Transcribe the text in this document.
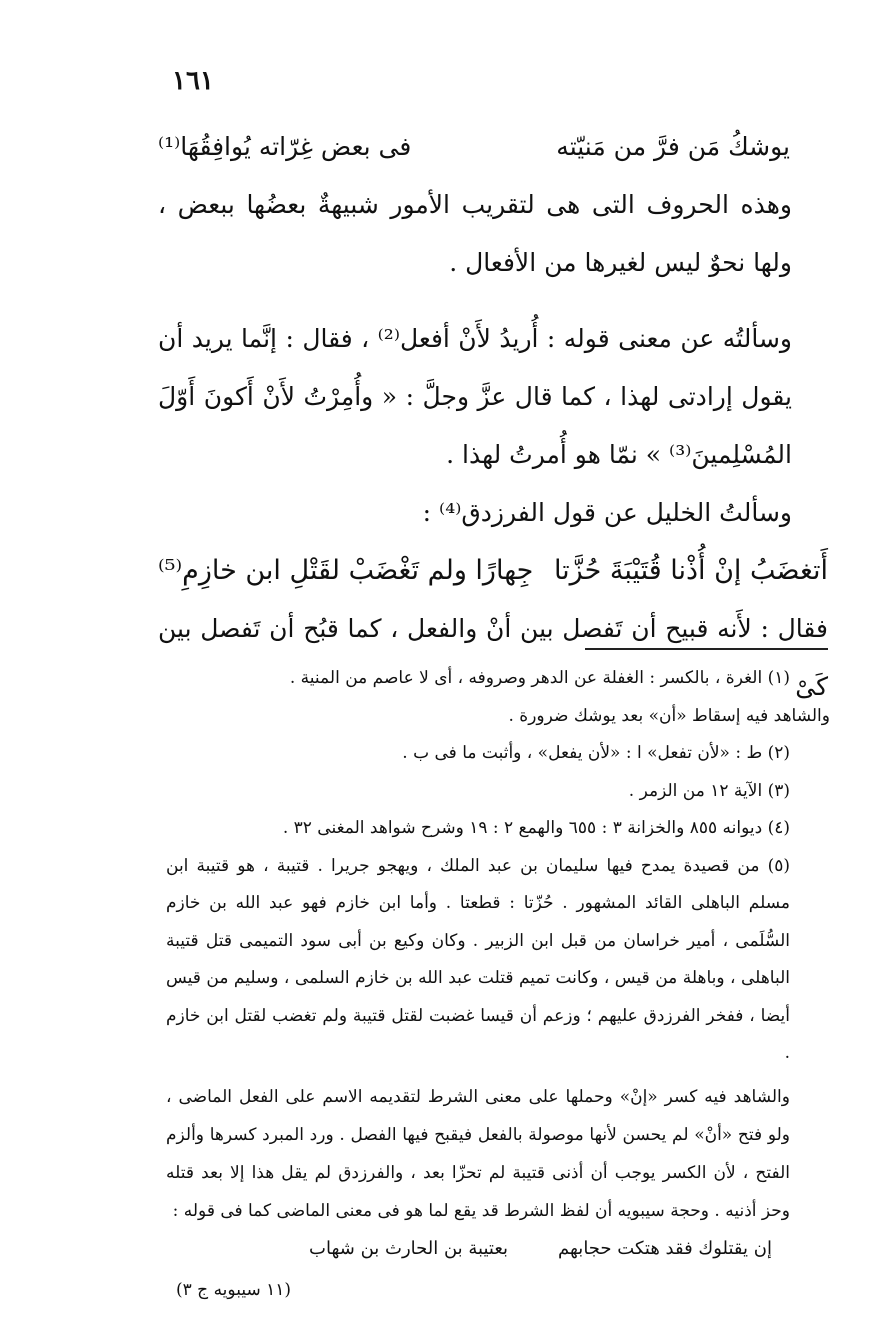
١٦١
يوشكُ مَن فرَّ من مَنيّته
فى بعض غِرّاته يُوافِقُهَا⁽¹⁾

وهذه الحروف التى هى لتقريب الأمور شبيهةٌ بعضُها ببعض ، ولها نحوٌ ليس لغيرها من الأفعال .

وسألتُه عن معنى قوله : أُريدُ لأَنْ أفعل⁽²⁾ ، فقال : إنَّما يريد أن يقول إرادتى لهذا ، كما قال عزَّ وجلَّ : « وأُمِرْتُ لأَنْ أَكونَ أَوّلَ المُسْلِمينَ⁽³⁾ » نمّا هو أُمرتُ لهذا .

وسألتُ الخليل عن قول الفرزدق⁽⁴⁾ :

أَتغضَبُ إنْ أُذْنا قُتَيْبَةَ حُزَّتا
جِهارًا ولم تَغْضَبْ لقَتْلِ ابن خازِمِ⁽⁵⁾

فقال : لأَنه قبيح أن تَفصل بين أنْ والفعل ، كما قبُح أن تَفصل بين كَىْ

(١) الغرة ، بالكسر : الغفلة عن الدهر وصروفه ، أى لا عاصم من المنية .

والشاهد فيه إسقاط «أن» بعد يوشك ضرورة .

(٢) ط : «لأن تفعل» ا : «لأن يفعل» ، وأثبت ما فى ب .

(٣) الآية ١٢ من الزمر .

(٤) ديوانه ٨٥٥ والخزانة ٣ : ٦٥٥ والهمع ٢ : ١٩ وشرح شواهد المغنى ٣٢ .

(٥) من قصيدة يمدح فيها سليمان بن عبد الملك ، ويهجو جريرا . قتيبة ، هو قتيبة ابن مسلم الباهلى القائد المشهور . حُزّتا : قطعتا . وأما ابن خازم فهو عبد الله بن خازم السُّلَمى ، أمير خراسان من قبل ابن الزبير . وكان وكيع بن أبى سود التميمى قتل قتيبة الباهلى ، وباهلة من قيس ، وكانت تميم قتلت عبد الله بن خازم السلمى ، وسليم من قيس أيضا ، ففخر الفرزدق عليهم ؛ وزعم أن قيسا غضبت لقتل قتيبة ولم تغضب لقتل ابن خازم .

والشاهد فيه كسر «إنْ» وحملها على معنى الشرط لتقديمه الاسم على الفعل الماضى ، ولو فتح «أنْ» لم يحسن لأنها موصولة بالفعل فيقبح فيها الفصل . ورد المبرد كسرها وألزم الفتح ، لأن الكسر يوجب أن أذنى قتيبة لم تحزّا بعد ، والفرزدق لم يقل هذا إلا بعد قتله وحز أذنيه . وحجة سيبويه أن لفظ الشرط قد يقع لما هو فى معنى الماضى كما فى قوله :

إن يقتلوك فقد هتكت حجابهم
بعتيبة بن الحارث بن شهاب
(١١ سيبويه ج ٣)
